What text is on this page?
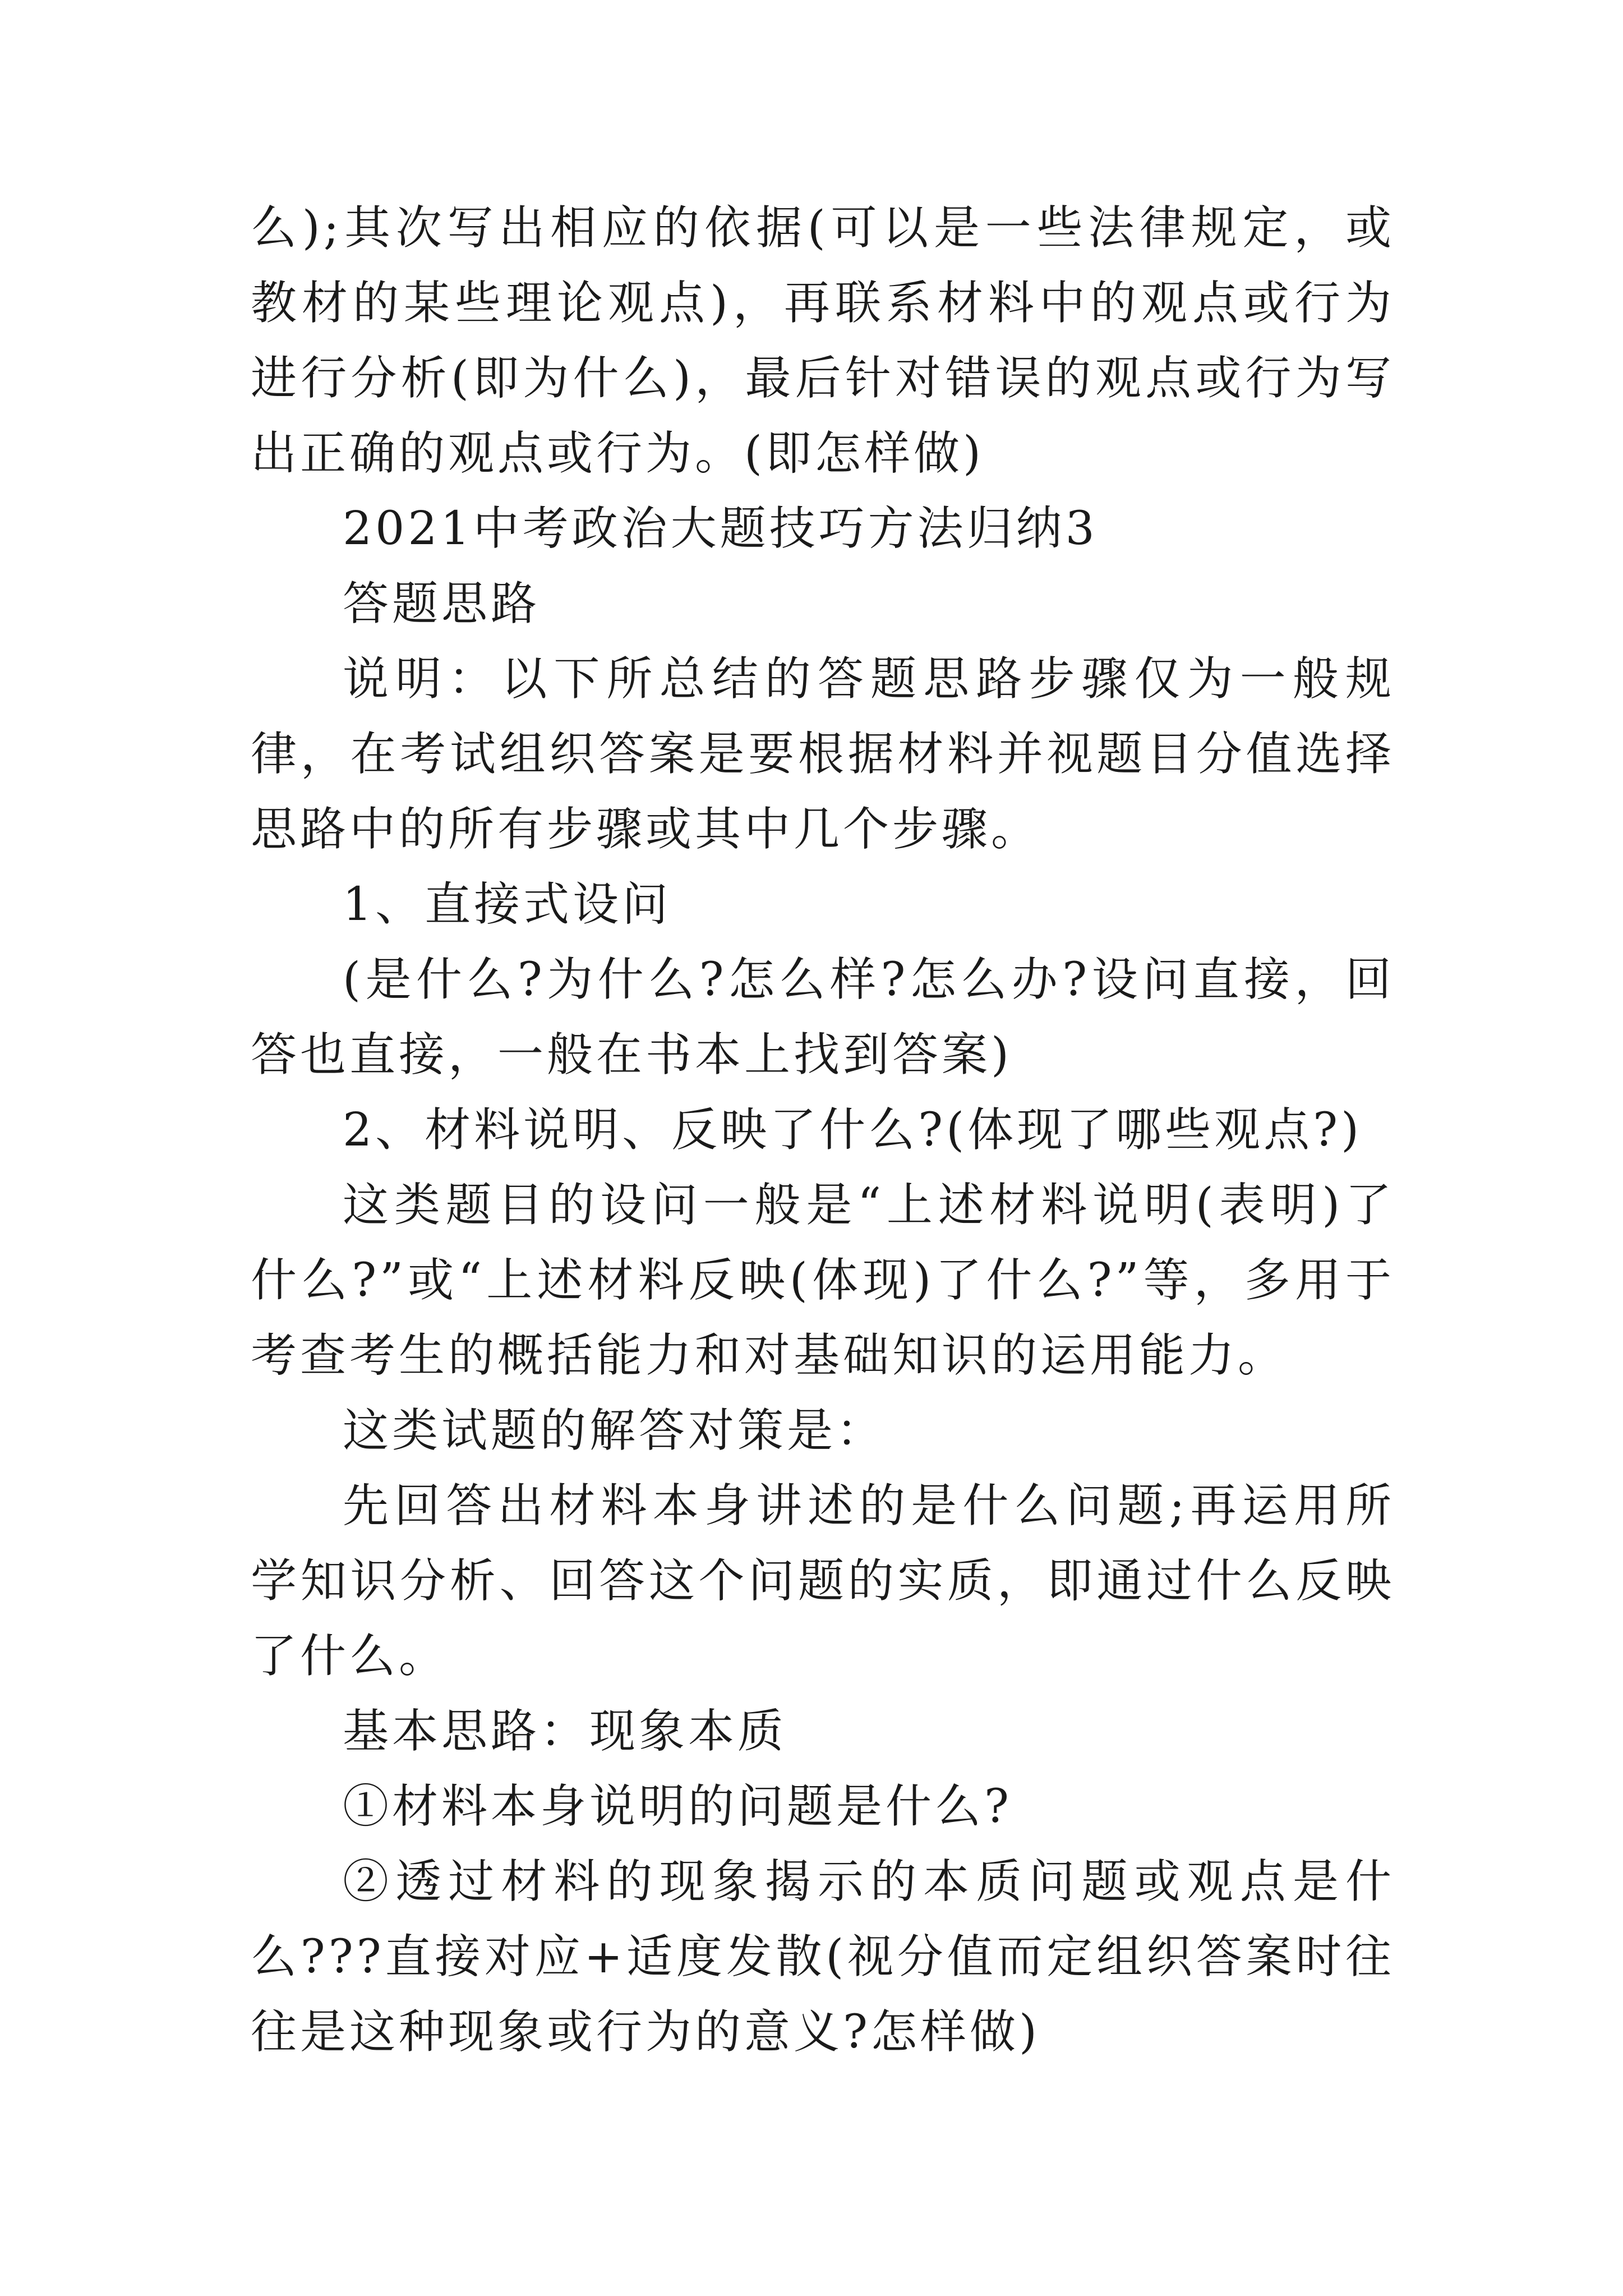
么);其次写出相应的依据(可以是一些法律规定，或教材的某些理论观点)，再联系材料中的观点或行为进行分析(即为什么)，最后针对错误的观点或行为写出正确的观点或行为。(即怎样做)

2021中考政治大题技巧方法归纳3

答题思路

说明：以下所总结的答题思路步骤仅为一般规律，在考试组织答案是要根据材料并视题目分值选择思路中的所有步骤或其中几个步骤。

1、直接式设问

(是什么?为什么?怎么样?怎么办?设问直接，回答也直接，一般在书本上找到答案)

2、材料说明、反映了什么?(体现了哪些观点?)

这类题目的设问一般是“上述材料说明(表明)了什么?”或“上述材料反映(体现)了什么?”等，多用于考查考生的概括能力和对基础知识的运用能力。

这类试题的解答对策是：

先回答出材料本身讲述的是什么问题;再运用所学知识分析、回答这个问题的实质，即通过什么反映了什么。

基本思路：现象本质

①材料本身说明的问题是什么?

②透过材料的现象揭示的本质问题或观点是什么???直接对应+适度发散(视分值而定组织答案时往往是这种现象或行为的意义?怎样做)
